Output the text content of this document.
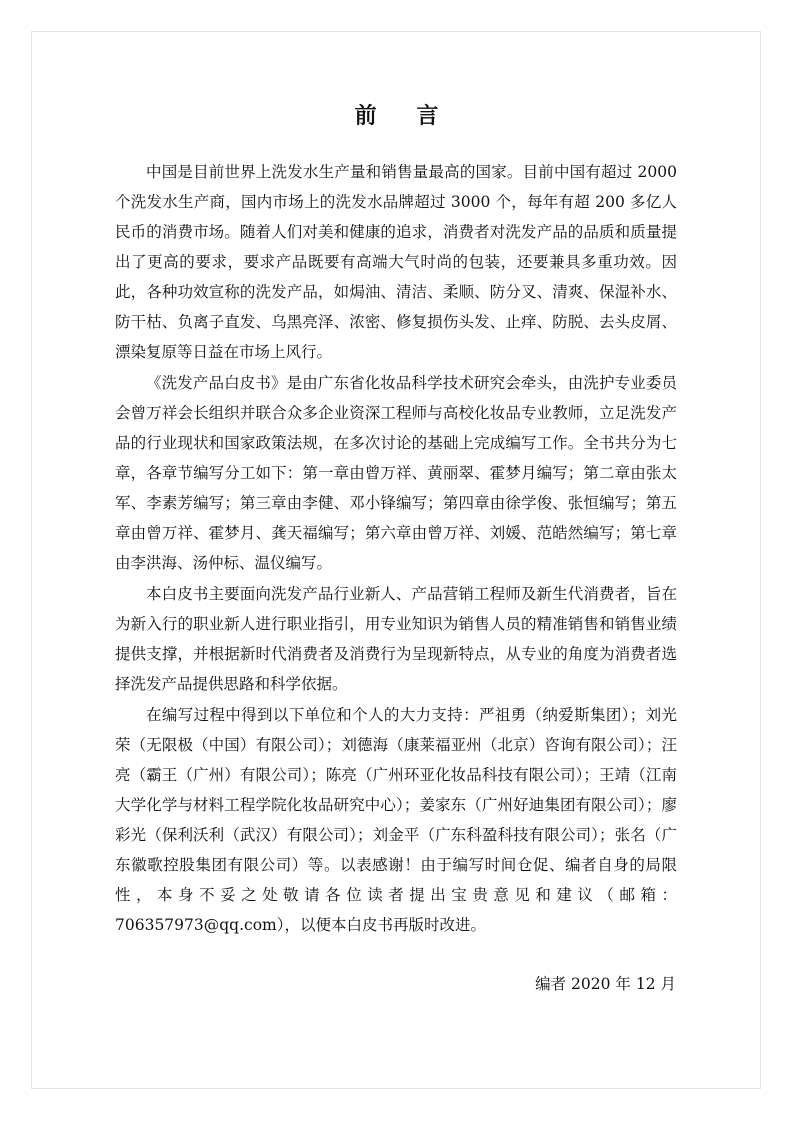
前 言

中国是目前世界上洗发水生产量和销售量最高的国家。目前中国有超过 2000 个洗发水生产商，国内市场上的洗发水品牌超过 3000 个，每年有超 200 多亿人民币的消费市场。随着人们对美和健康的追求，消费者对洗发产品的品质和质量提出了更高的要求，要求产品既要有高端大气时尚的包装，还要兼具多重功效。因此，各种功效宣称的洗发产品，如焗油、清洁、柔顺、防分叉、清爽、保湿补水、防干枯、负离子直发、乌黑亮泽、浓密、修复损伤头发、止痒、防脱、去头皮屑、漂染复原等日益在市场上风行。

《洗发产品白皮书》是由广东省化妆品科学技术研究会牵头，由洗护专业委员会曾万祥会长组织并联合众多企业资深工程师与高校化妆品专业教师，立足洗发产品的行业现状和国家政策法规，在多次讨论的基础上完成编写工作。全书共分为七章，各章节编写分工如下：第一章由曾万祥、黄丽翠、霍梦月编写；第二章由张太军、李素芳编写；第三章由李健、邓小锋编写；第四章由徐学俊、张恒编写；第五章由曾万祥、霍梦月、龚天福编写；第六章由曾万祥、刘媛、范皓然编写；第七章由李洪海、汤仲标、温仪编写。

本白皮书主要面向洗发产品行业新人、产品营销工程师及新生代消费者，旨在为新入行的职业新人进行职业指引，用专业知识为销售人员的精准销售和销售业绩提供支撑，并根据新时代消费者及消费行为呈现新特点，从专业的角度为消费者选择洗发产品提供思路和科学依据。

在编写过程中得到以下单位和个人的大力支持：严祖勇（纳爱斯集团）；刘光荣（无限极（中国）有限公司）；刘德海（康莱福亚州（北京）咨询有限公司）；汪亮（霸王（广州）有限公司）；陈亮（广州环亚化妆品科技有限公司）；王靖（江南大学化学与材料工程学院化妆品研究中心）；姜家东（广州好迪集团有限公司）；廖彩光（保利沃利（武汉）有限公司）；刘金平（广东科盈科技有限公司）；张名（广东徽歌控股集团有限公司）等。以表感谢！由于编写时间仓促、编者自身的局限性，本身不妥之处敬请各位读者提出宝贵意见和建议（邮箱：706357973@qq.com），以便本白皮书再版时改进。

编者 2020 年 12 月
